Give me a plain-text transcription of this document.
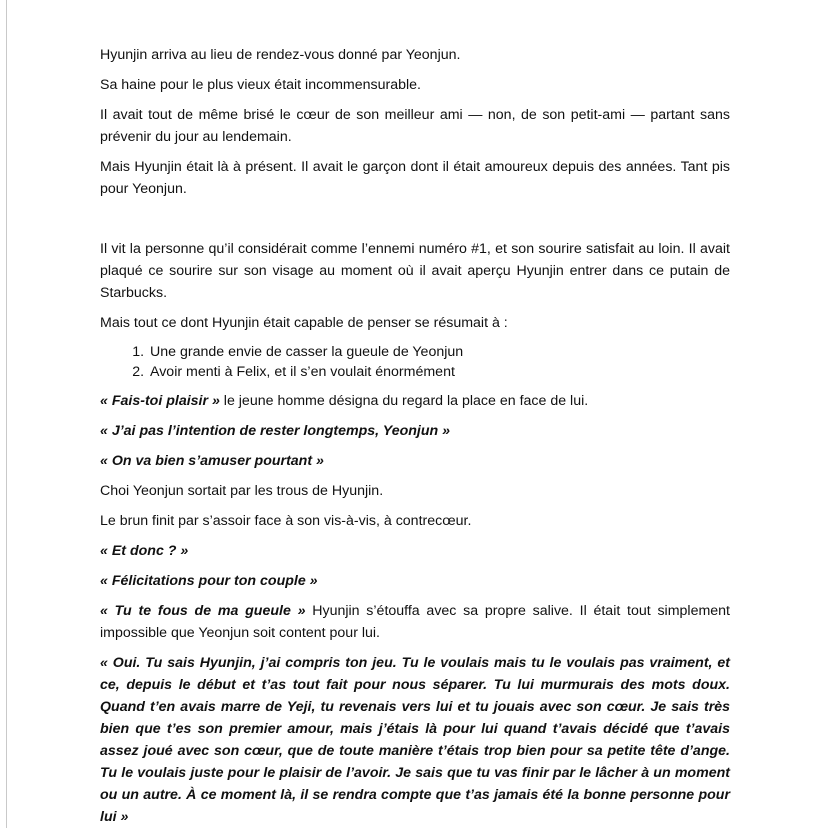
Hyunjin arriva au lieu de rendez-vous donné par Yeonjun.

Sa haine pour le plus vieux était incommensurable.

Il avait tout de même brisé le cœur de son meilleur ami — non, de son petit-ami — partant sans prévenir du jour au lendemain.

Mais Hyunjin était là à présent. Il avait le garçon dont il était amoureux depuis des années. Tant pis pour Yeonjun.

Il vit la personne qu’il considérait comme l’ennemi numéro #1, et son sourire satisfait au loin. Il avait plaqué ce sourire sur son visage au moment où il avait aperçu Hyunjin entrer dans ce putain de Starbucks.

Mais tout ce dont Hyunjin était capable de penser se résumait à :

1. Une grande envie de casser la gueule de Yeonjun
2. Avoir menti à Felix, et il s’en voulait énormément

« Fais-toi plaisir » le jeune homme désigna du regard la place en face de lui.

« J’ai pas l’intention de rester longtemps, Yeonjun »

« On va bien s’amuser pourtant »

Choi Yeonjun sortait par les trous de Hyunjin.

Le brun finit par s’assoir face à son vis-à-vis, à contrecœur.

« Et donc ? »

« Félicitations pour ton couple »

« Tu te fous de ma gueule » Hyunjin s’étouffa avec sa propre salive. Il était tout simplement impossible que Yeonjun soit content pour lui.

« Oui. Tu sais Hyunjin, j’ai compris ton jeu. Tu le voulais mais tu le voulais pas vraiment, et ce, depuis le début et t’as tout fait pour nous séparer. Tu lui murmurais des mots doux. Quand t’en avais marre de Yeji, tu revenais vers lui et tu jouais avec son cœur. Je sais très bien que t’es son premier amour, mais j’étais là pour lui quand t’avais décidé que t’avais assez joué avec son cœur, que de toute manière t’étais trop bien pour sa petite tête d’ange. Tu le voulais juste pour le plaisir de l’avoir. Je sais que tu vas finir par le lâcher à un moment ou un autre. À ce moment là, il se rendra compte que t’as jamais été la bonne personne pour lui »
